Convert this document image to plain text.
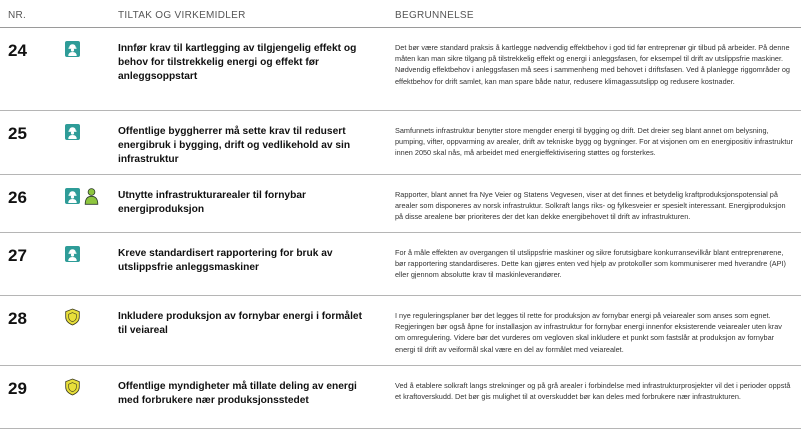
NR.	TILTAK OG VIRKEMIDLER	BEGRUNNELSE
24	Innfør krav til kartlegging av tilgjengelig effekt og behov for tilstrekkelig energi og effekt før anleggsoppstart
Det bør være standard praksis å kartlegge nødvendig effektbehov i god tid før entreprenør gir tilbud på arbeider. På denne måten kan man sikre tilgang på tilstrekkelig effekt og energi i anleggsfasen, for eksempel til drift av utslippsfrie maskiner. Nødvendig effektbehov i anleggsfasen må sees i sammenheng med behovet i driftsfasen. Ved å planlegge riggområder og effektbehov for drift samlet, kan man spare både natur, redusere klimagassutslipp og redusere kostnader.
25	Offentlige byggherrer må sette krav til redusert energibruk i bygging, drift og vedlikehold av sin infrastruktur
Samfunnets infrastruktur benytter store mengder energi til bygging og drift. Det dreier seg blant annet om belysning, pumping, vifter, oppvarming av arealer, drift av tekniske bygg og bygninger. For at visjonen om en energipositiv infrastruktur innen 2050 skal nås, må arbeidet med energieffektivisering støttes og forsterkes.
26	Utnytte infrastrukturarealer til fornybar energiproduksjon
Rapporter, blant annet fra Nye Veier og Statens Vegvesen, viser at det finnes et betydelig kraftproduksjonspotensial på arealer som disponeres av norsk infrastruktur. Solkraft langs riks- og fylkesveier er spesielt interessant. Energiproduksjon på disse arealene bør prioriteres der det kan dekke energibehovet til drift av infrastrukturen.
27	Kreve standardisert rapportering for bruk av utslippsfrie anleggsmaskiner
For å måle effekten av overgangen til utslippsfrie maskiner og sikre forutsigbare konkurransevilkår blant entreprenørene, bør rapportering standardiseres. Dette kan gjøres enten ved hjelp av protokoller som kommuniserer med hverandre (API) eller gjennom absolutte krav til maskinleverandører.
28	Inkludere produksjon av fornybar energi i formålet til veiareal
I nye reguleringsplaner bør det legges til rette for produksjon av fornybar energi på veiarealer som anses som egnet. Regjeringen bør også åpne for installasjon av infrastruktur for fornybar energi innenfor eksisterende veiarealer uten krav om omregulering. Videre bør det vurderes om vegloven skal inkludere et punkt som fastslår at produksjon av fornybar energi til drift av veiformål skal være en del av formålet med veiarealet.
29	Offentlige myndigheter må tillate deling av energi med forbrukere nær produksjonsstedet
Ved å etablere solkraft langs strekninger og på grå arealer i forbindelse med infrastrukturprosjekter vil det i perioder oppstå et kraftoverskudd. Det bør gis mulighet til at overskuddet bør kan deles med forbrukere nær infrastrukturen.
